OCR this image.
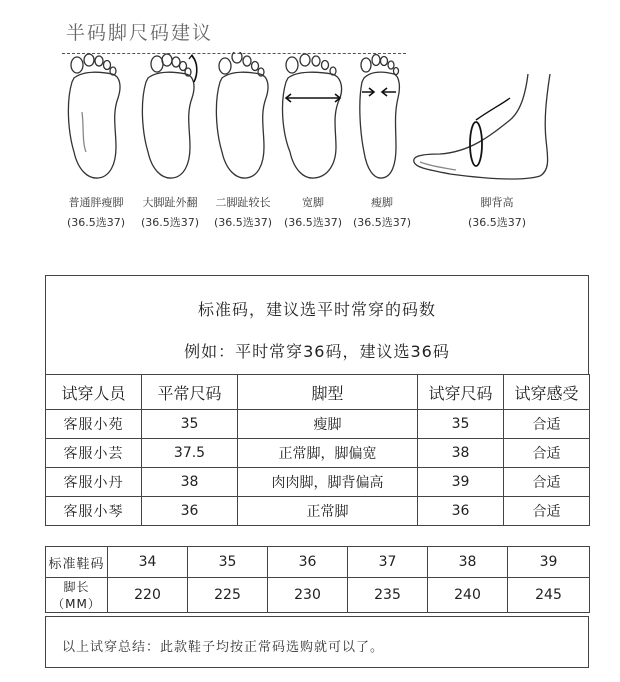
半码脚尺码建议
普通胖瘦脚
(36.5选37)
大脚趾外翻
(36.5选37)
二脚趾较长
(36.5选37)
宽脚
(36.5选37)
瘦脚
(36.5选37)
脚背高
(36.5选37)
标准码，建议选平时常穿的码数
例如：平时常穿36码，建议选36码
试穿人员	平常尺码	脚型	试穿尺码	试穿感受
客服小苑	35	瘦脚	35	合适
客服小芸	37.5	正常脚，脚偏宽	38	合适
客服小丹	38	肉肉脚，脚背偏高	39	合适
客服小琴	36	正常脚	36	合适
标准鞋码	34	35	36	37	38	39
脚长（MM）	220	225	230	235	240	245
以上试穿总结：此款鞋子均按正常码选购就可以了。
